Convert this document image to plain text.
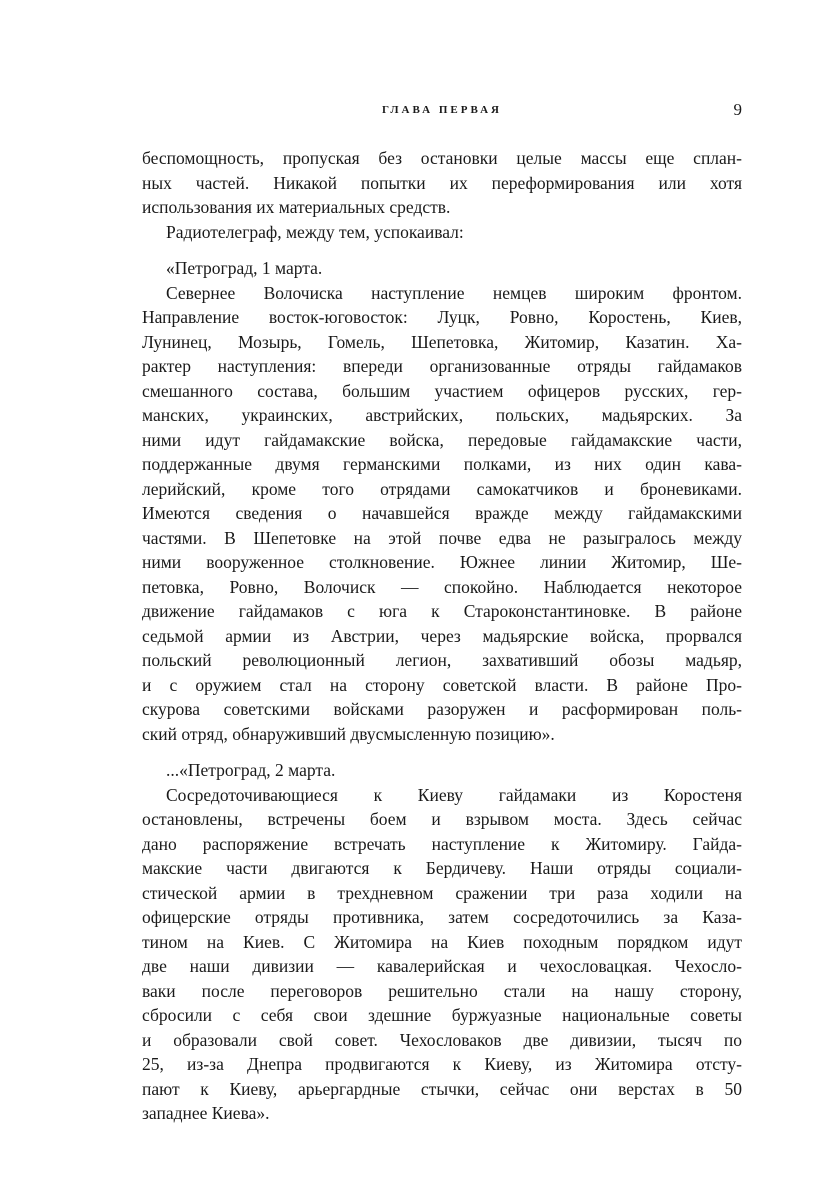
ГЛАВА ПЕРВАЯ	9
беспомощность, пропуская без остановки целые массы еще сплан-
ных частей. Никакой попытки их переформирования или хотя
использования их материальных средств.
Радиотелеграф, между тем, успокаивал:
«Петроград, 1 марта.
Севернее Волочиска наступление немцев широким фронтом.
Направление восток-юговосток: Луцк, Ровно, Коростень, Киев,
Лунинец, Мозырь, Гомель, Шепетовка, Житомир, Казатин. Ха-
рактер наступления: впереди организованные отряды гайдамаков
смешанного состава, большим участием офицеров русских, гер-
манских, украинских, австрийских, польских, мадьярских. За
ними идут гайдамакские войска, передовые гайдамакские части,
поддержанные двумя германскими полками, из них один кава-
лерийский, кроме того отрядами самокатчиков и броневиками.
Имеются сведения о начавшейся вражде между гайдамакскими
частями. В Шепетовке на этой почве едва не разыгралось между
ними вооруженное столкновение. Южнее линии Житомир, Ше-
петовка, Ровно, Волочиск — спокойно. Наблюдается некоторое
движение гайдамаков с юга к Староконстантиновке. В районе
седьмой армии из Австрии, через мадьярские войска, прорвался
польский революционный легион, захвативший обозы мадьяр,
и с оружием стал на сторону советской власти. В районе Про-
скурова советскими войсками разоружен и расформирован поль-
ский отряд, обнаруживший двусмысленную позицию».
...«Петроград, 2 марта.
Сосредоточивающиеся к Киеву гайдамаки из Коростеня
остановлены, встречены боем и взрывом моста. Здесь сейчас
дано распоряжение встречать наступление к Житомиру. Гайда-
макские части двигаются к Бердичеву. Наши отряды социали-
стической армии в трехдневном сражении три раза ходили на
офицерские отряды противника, затем сосредоточились за Каза-
тином на Киев. С Житомира на Киев походным порядком идут
две наши дивизии — кавалерийская и чехословацкая. Чехосло-
ваки после переговоров решительно стали на нашу сторону,
сбросили с себя свои здешние буржуазные национальные советы
и образовали свой совет. Чехословаков две дивизии, тысяч по
25, из-за Днепра продвигаются к Киеву, из Житомира отсту-
пают к Киеву, арьергардные стычки, сейчас они верстах в 50
западнее Киева».
